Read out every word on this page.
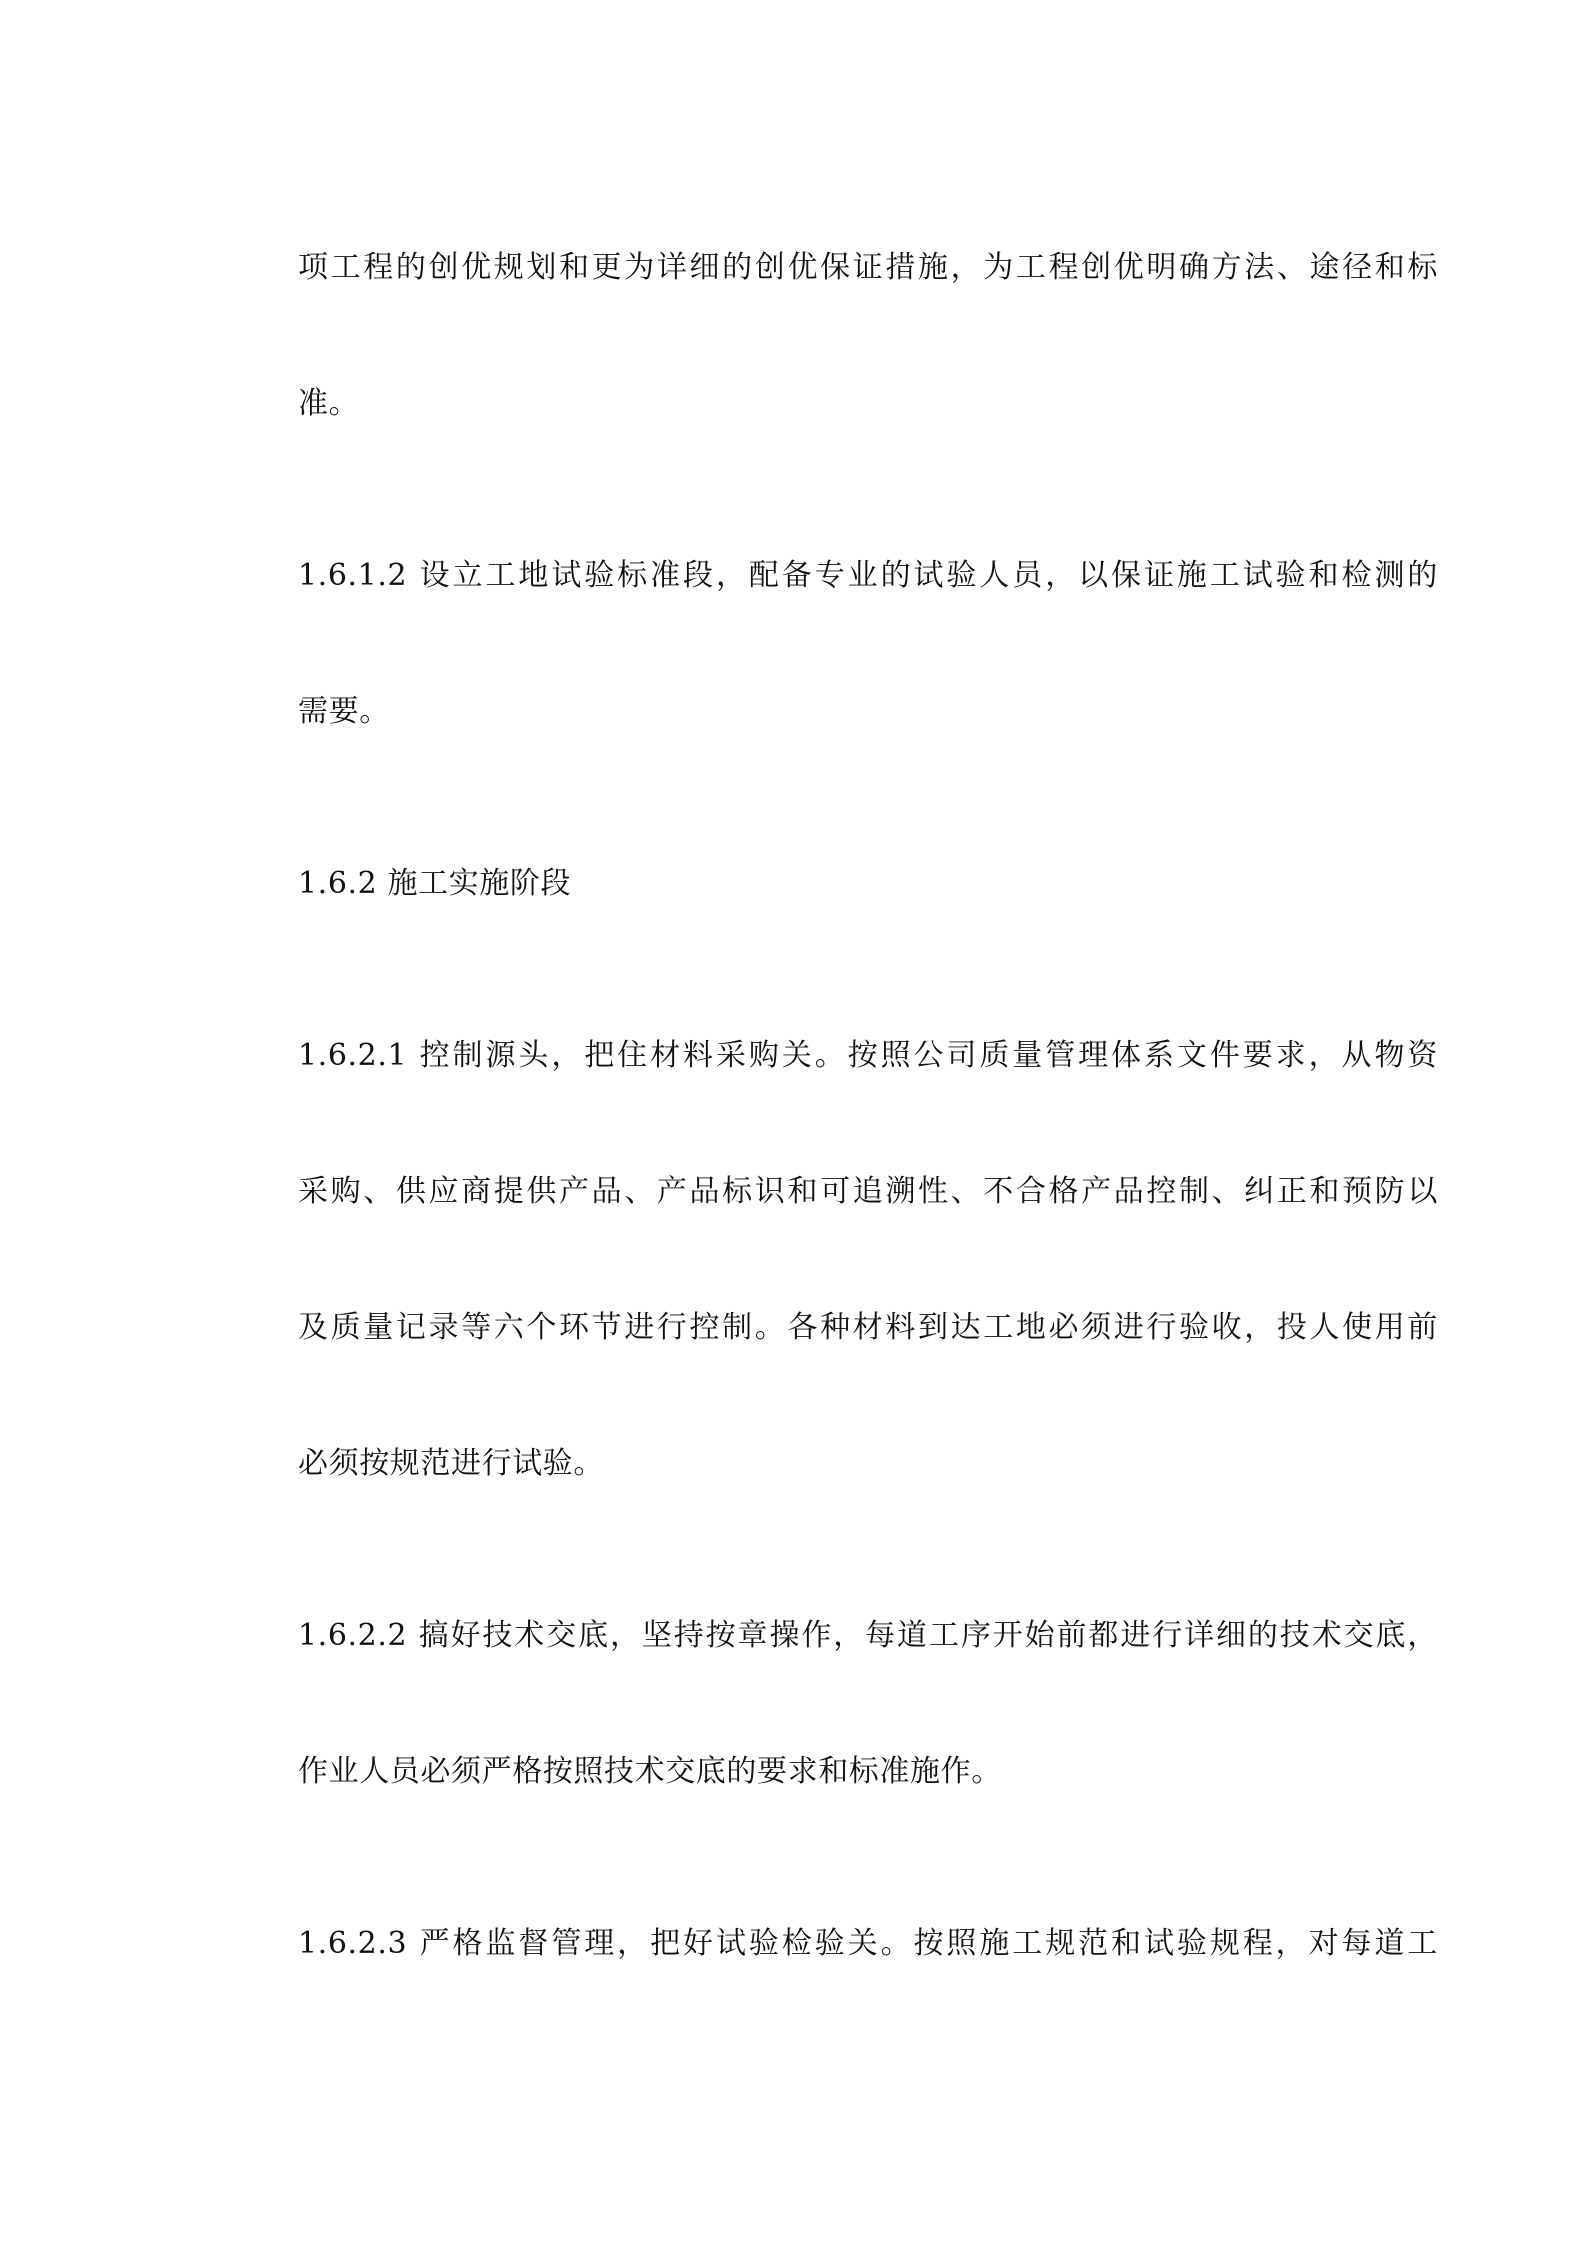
项工程的创优规划和更为详细的创优保证措施，为工程创优明确方法、途径和标
准。
1.6.1.2 设立工地试验标准段，配备专业的试验人员，以保证施工试验和检测的
需要。
1.6.2 施工实施阶段
1.6.2.1 控制源头，把住材料采购关。按照公司质量管理体系文件要求，从物资
采购、供应商提供产品、产品标识和可追溯性、不合格产品控制、纠正和预防以
及质量记录等六个环节进行控制。各种材料到达工地必须进行验收，投人使用前
必须按规范进行试验。
1.6.2.2 搞好技术交底，坚持按章操作，每道工序开始前都进行详细的技术交底，
作业人员必须严格按照技术交底的要求和标准施作。
1.6.2.3 严格监督管理，把好试验检验关。按照施工规范和试验规程，对每道工
